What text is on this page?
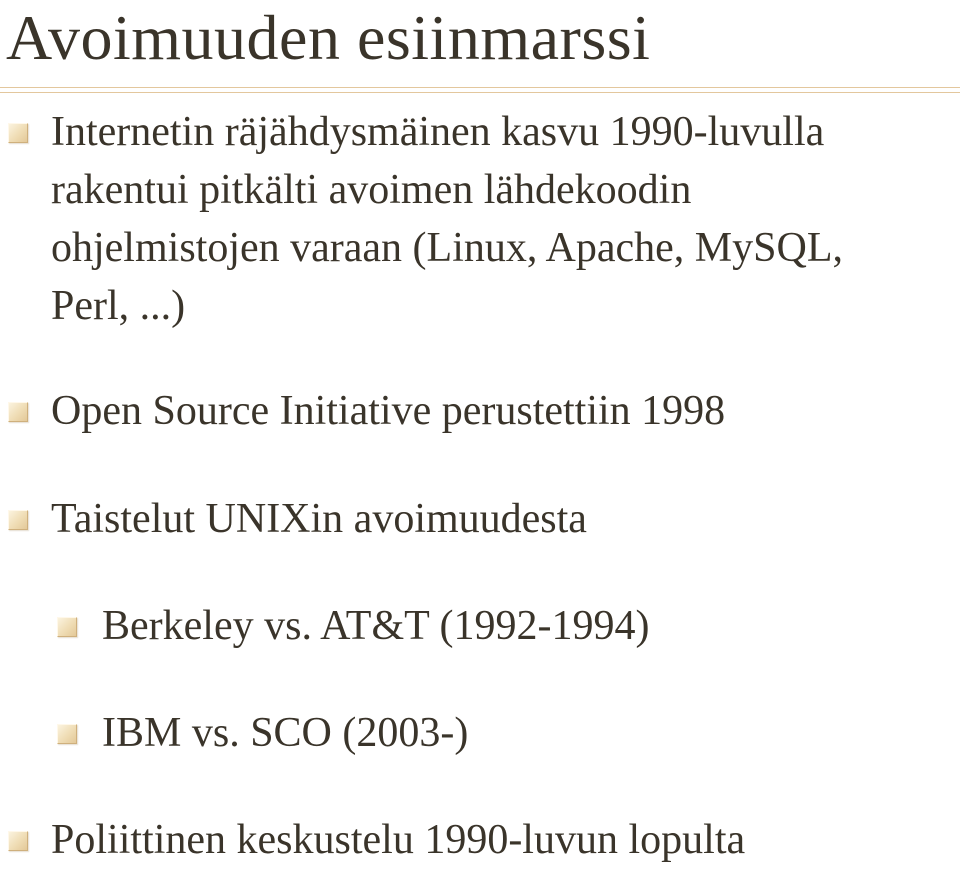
Avoimuuden esiinmarssi
Internetin räjähdysmäinen kasvu 1990-luvulla
rakentui pitkälti avoimen lähdekoodin
ohjelmistojen varaan (Linux, Apache, MySQL,
Perl, ...)
Open Source Initiative perustettiin 1998
Taistelut UNIXin avoimuudesta
Berkeley vs. AT&T (1992-1994)
IBM vs. SCO (2003-)
Poliittinen keskustelu 1990-luvun lopulta
